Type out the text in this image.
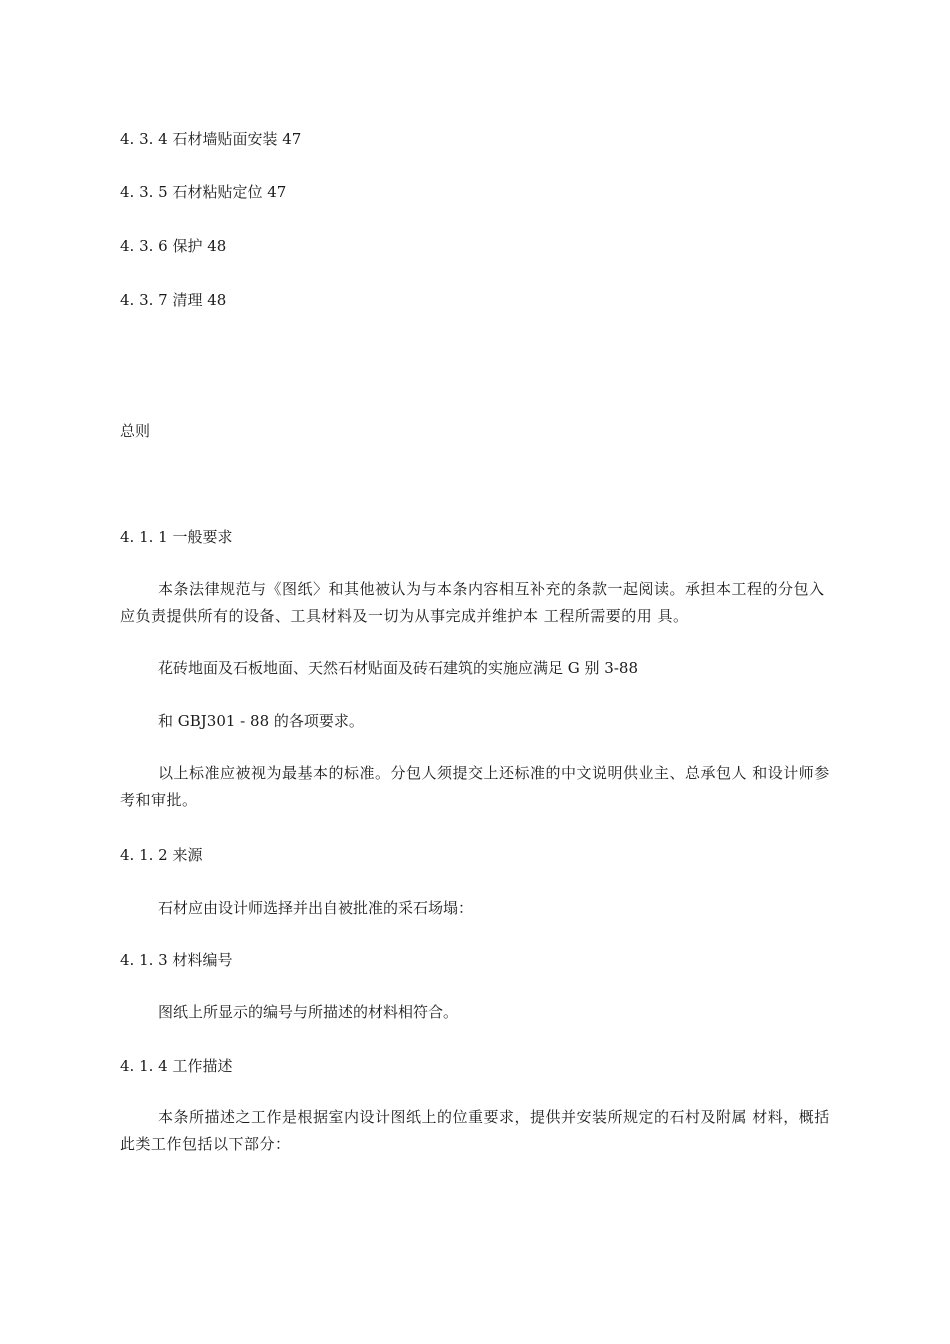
4. 3. 4 石材墙贴面安装 47
4. 3. 5 石材粘贴定位 47
4. 3. 6 保护 48
4. 3. 7 清理 48
总则
4. 1. 1 一般要求
本条法律规范与《图纸〉和其他被认为与本条内容相互补充的条款一起阅读。承担本工程的分包入应负责提供所有的设备、工具材料及一切为从事完成并维护本 工程所需要的用 具。
花砖地面及石板地面、天然石材贴面及砖石建筑的实施应满足 G 别 3-88
和 GBJ301 - 88 的各项要求。
以上标准应被视为最基本的标准。分包人须提交上还标准的中文说明供业主、总承包人 和设计师参考和审批。
4. 1. 2 来源
石材应由设计师选择并出自被批准的采石场塌：
4. 1. 3 材料编号
图纸上所显示的编号与所描述的材料相符合。
4. 1. 4 工作描述
本条所描述之工作是根据室内设计图纸上的位重要求，提供并安装所规定的石村及附属 材料，概括此类工作包括以下部分：
